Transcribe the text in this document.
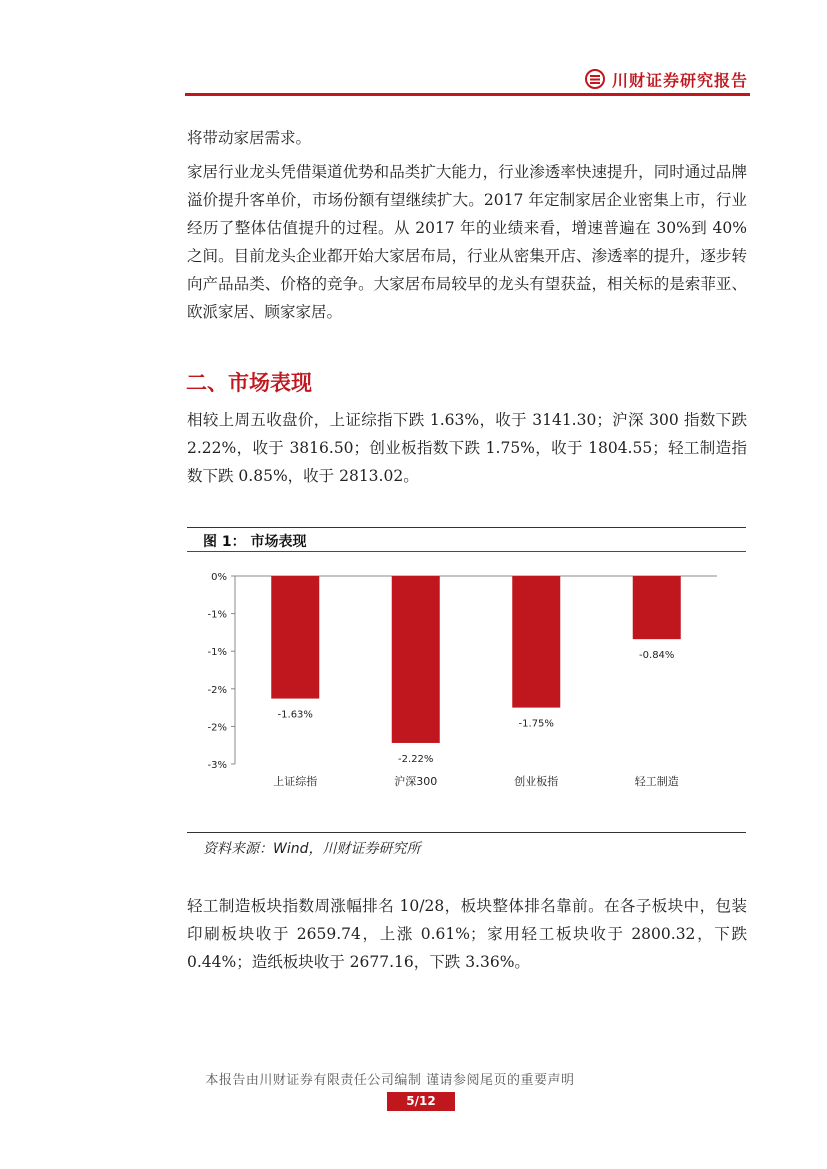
川财证券研究报告
将带动家居需求。
家居行业龙头凭借渠道优势和品类扩大能力，行业渗透率快速提升，同时通过品牌溢价提升客单价，市场份额有望继续扩大。2017 年定制家居企业密集上市，行业经历了整体估值提升的过程。从 2017 年的业绩来看，增速普遍在 30%到 40%之间。目前龙头企业都开始大家居布局，行业从密集开店、渗透率的提升，逐步转向产品品类、价格的竞争。大家居布局较早的龙头有望获益，相关标的是索菲亚、欧派家居、顾家家居。
二、市场表现
相较上周五收盘价，上证综指下跌 1.63%，收于 3141.30；沪深 300 指数下跌 2.22%，收于 3816.50；创业板指数下跌 1.75%，收于 1804.55；轻工制造指数下跌 0.85%，收于 2813.02。
图 1： 市场表现
0%
-1%
-1%
-2%
-2%
-3%
-1.63%
上证综指
-2.22%
沪深300
-1.75%
创业板指
-0.84%
轻工制造
资料来源：Wind，川财证券研究所
轻工制造板块指数周涨幅排名 10/28，板块整体排名靠前。在各子板块中，包装印刷板块收于 2659.74，上涨 0.61%；家用轻工板块收于 2800.32，下跌 0.44%；造纸板块收于 2677.16，下跌 3.36%。
本报告由川财证券有限责任公司编制 谨请参阅尾页的重要声明
5/12
